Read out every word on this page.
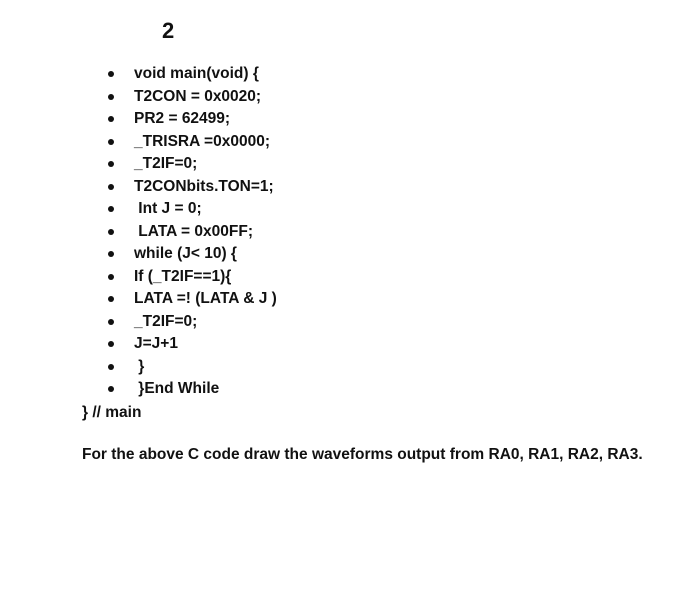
2
void main(void) {
T2CON = 0x0020;
PR2 = 62499;
_TRISRA =0x0000;
_T2IF=0;
T2CONbits.TON=1;
Int J = 0;
LATA = 0x00FF;
while (J< 10) {
If (_T2IF==1){
LATA =! (LATA & J )
_T2IF=0;
J=J+1
}
}End While
} // main
For the above C code draw the waveforms output from RA0, RA1, RA2, RA3.
